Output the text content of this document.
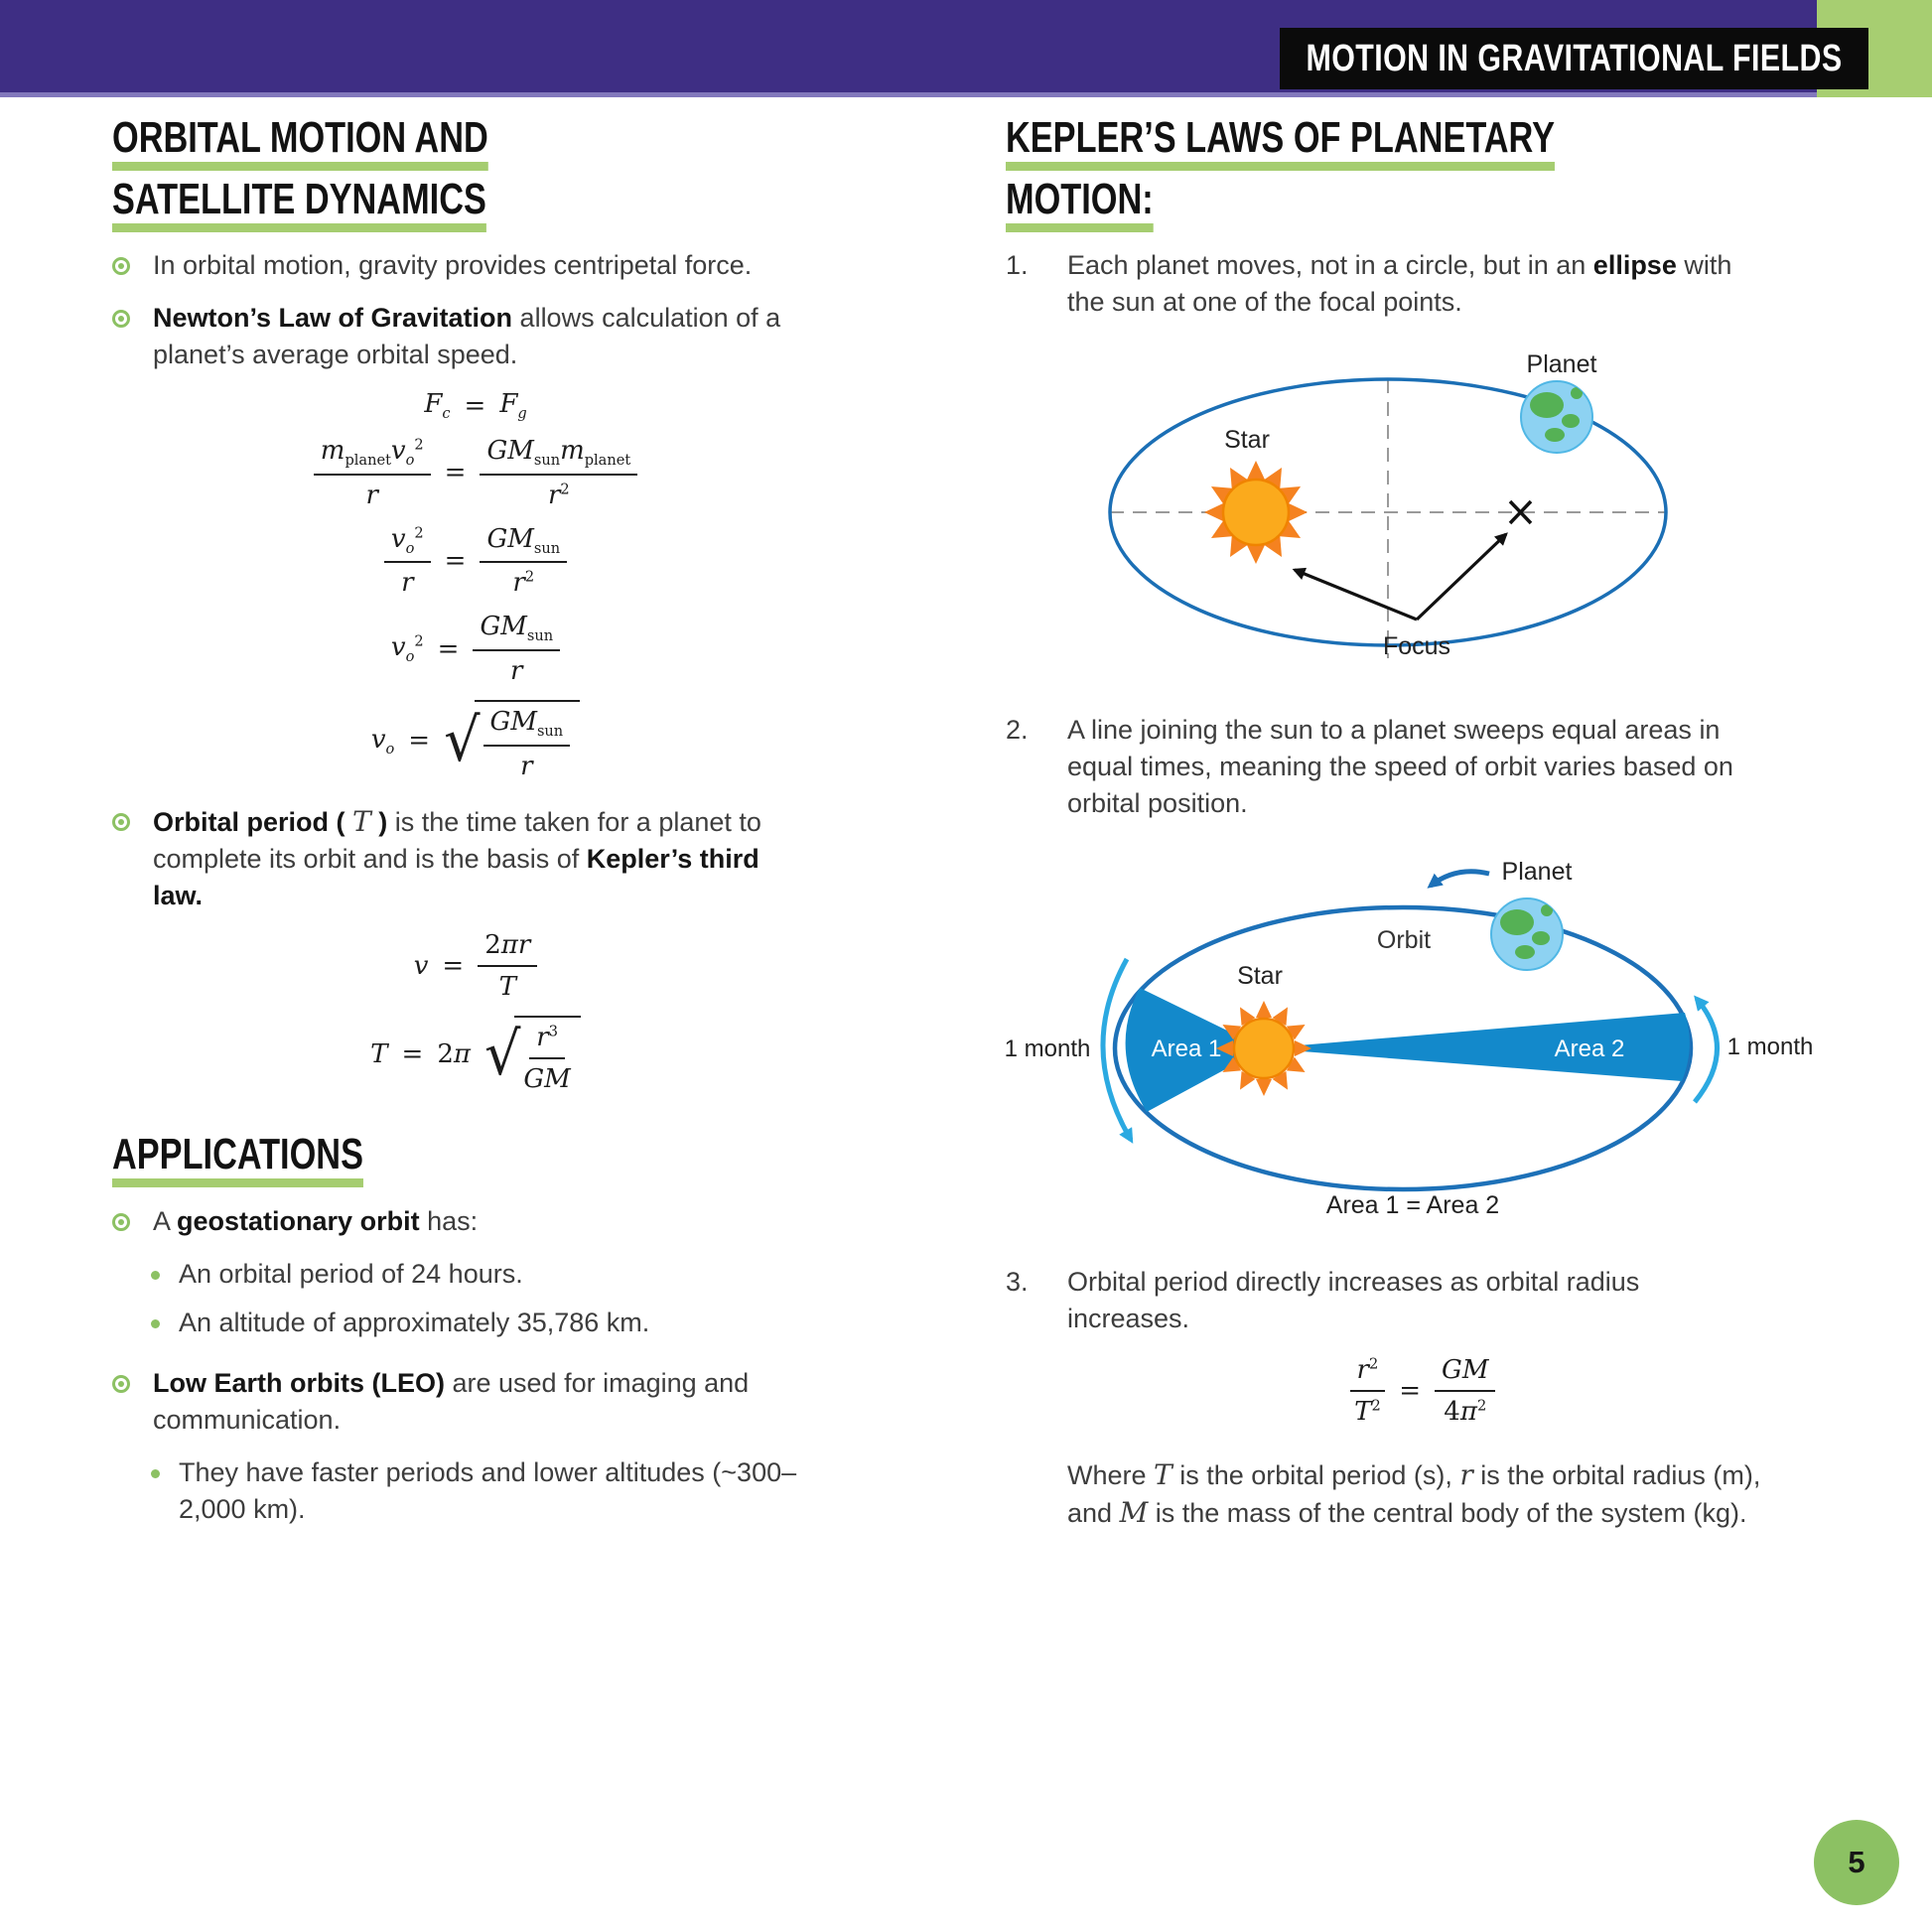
MOTION IN GRAVITATIONAL FIELDS
ORBITAL MOTION AND SATELLITE DYNAMICS
In orbital motion, gravity provides centripetal force.
Newton’s Law of Gravitation allows calculation of a planet’s average orbital speed.
$F_c = F_g$
$\frac{m_{planet}v_o^2}{r} = \frac{GM_{sun}m_{planet}}{r^2}$
$\frac{v_o^2}{r} = \frac{GM_{sun}}{r^2}$
$v_o^2 = \frac{GM_{sun}}{r}$
$v_o$ = √ $\frac{GM_{sun}}{r}$
Orbital period ( T ) is the time taken for a planet to complete its orbit and is the basis of Kepler’s third law.
$v = \frac{2\pi r}{T}$
T = 2π √ $\frac{r^3}{GM}$
APPLICATIONS
A geostationary orbit has:
An orbital period of 24 hours.
An altitude of approximately 35,786 km.
Low Earth orbits (LEO) are used for imaging and communication.
They have faster periods and lower altitudes (~300–2,000 km).
KEPLER’S LAWS OF PLANETARY MOTION:
1.	Each planet moves, not in a circle, but in an ellipse with the sun at one of the focal points.
Planet
Star
Focus
2.	A line joining the sun to a planet sweeps equal areas in equal times, meaning the speed of orbit varies based on orbital position.
Planet
Orbit
Star
Area 1	Area 2
1 month	1 month
Area 1 = Area 2
3.	Orbital period directly increases as orbital radius increases.
$\frac{r^2}{T^2} = \frac{GM}{4\pi^2}$
Where T is the orbital period (s), r is the orbital radius (m), and M is the mass of the central body of the system (kg).
5
